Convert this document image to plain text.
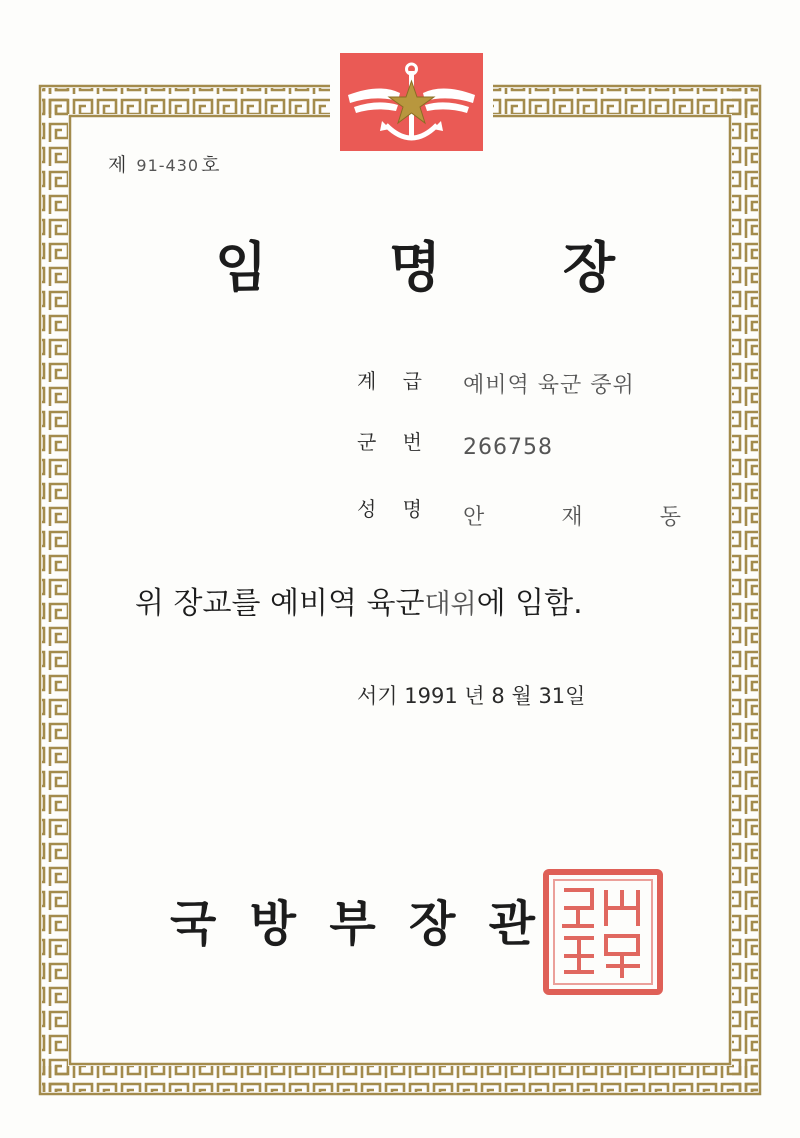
제 91-430 호
임 명 장
계 급 예비역 육군 중위
군 번 266758
성 명 안	재	동
위 장교를 예비역 육군대위에 임함.
서기 1991 년 8 월 31일
국 방 부 장 관
